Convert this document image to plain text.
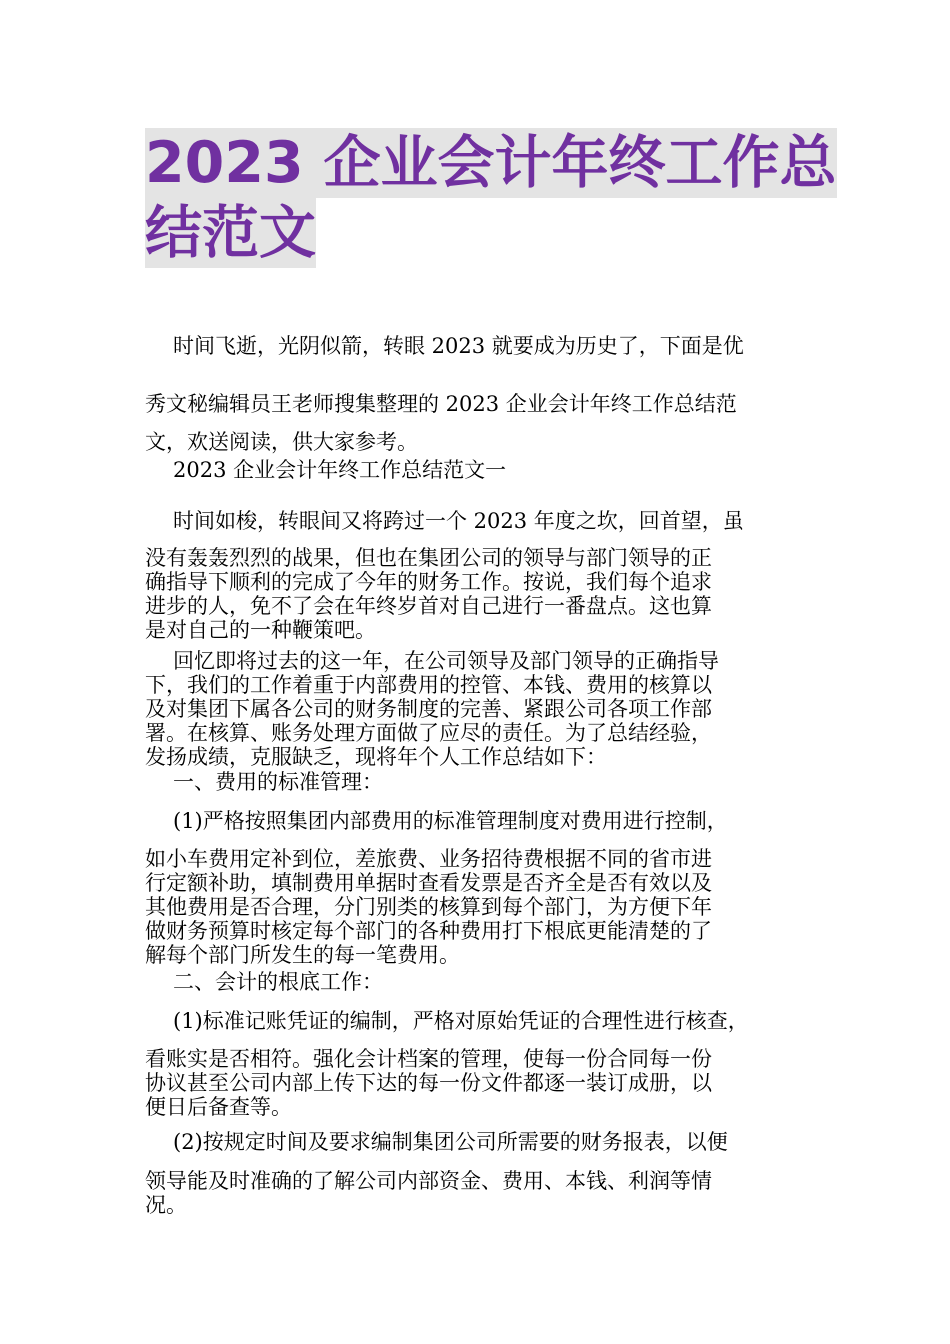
2023 企业会计年终工作总
结范文
时间飞逝，光阴似箭，转眼 2023 就要成为历史了，下面是优
秀文秘编辑员王老师搜集整理的 2023 企业会计年终工作总结范
文，欢送阅读，供大家参考。
2023 企业会计年终工作总结范文一
时间如梭，转眼间又将跨过一个 2023 年度之坎，回首望，虽
没有轰轰烈烈的战果，但也在集团公司的领导与部门领导的正
确指导下顺利的完成了今年的财务工作。按说，我们每个追求
进步的人，免不了会在年终岁首对自己进行一番盘点。这也算
是对自己的一种鞭策吧。
回忆即将过去的这一年，在公司领导及部门领导的正确指导
下，我们的工作着重于内部费用的控管、本钱、费用的核算以
及对集团下属各公司的财务制度的完善、紧跟公司各项工作部
署。在核算、账务处理方面做了应尽的责任。为了总结经验，
发扬成绩，克服缺乏，现将年个人工作总结如下：
一、费用的标准管理：
(1)严格按照集团内部费用的标准管理制度对费用进行控制，
如小车费用定补到位，差旅费、业务招待费根据不同的省市进
行定额补助，填制费用单据时查看发票是否齐全是否有效以及
其他费用是否合理，分门别类的核算到每个部门，为方便下年
做财务预算时核定每个部门的各种费用打下根底更能清楚的了
解每个部门所发生的每一笔费用。
二、会计的根底工作：
(1)标准记账凭证的编制，严格对原始凭证的合理性进行核查，
看账实是否相符。强化会计档案的管理，使每一份合同每一份
协议甚至公司内部上传下达的每一份文件都逐一装订成册，以
便日后备查等。
(2)按规定时间及要求编制集团公司所需要的财务报表，以便
领导能及时准确的了解公司内部资金、费用、本钱、利润等情
况。
